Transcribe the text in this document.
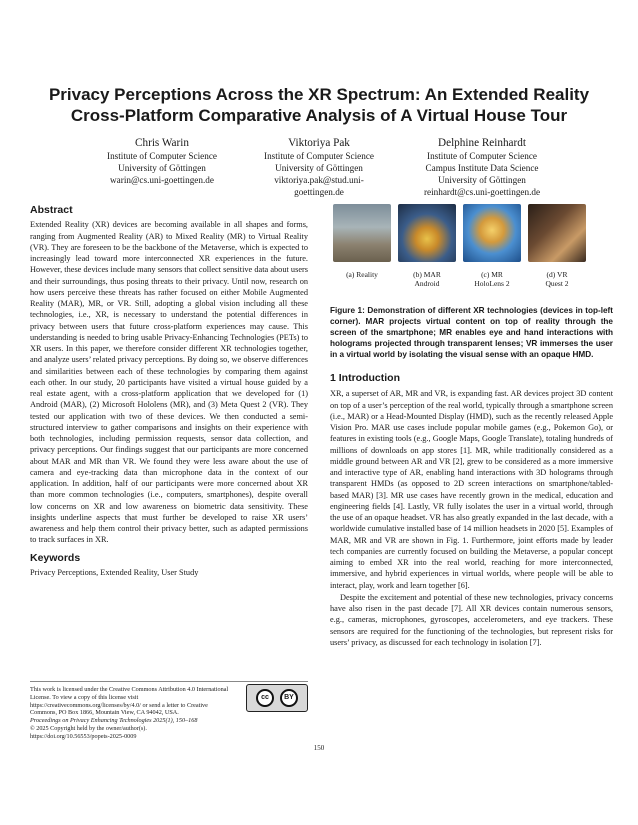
Privacy Perceptions Across the XR Spectrum: An Extended Reality
Cross-Platform Comparative Analysis of A Virtual House Tour
Chris Warin
Institute of Computer Science
University of Göttingen
warin@cs.uni-goettingen.de
Viktoriya Pak
Institute of Computer Science
University of Göttingen
viktoriya.pak@stud.uni-
goettingen.de
Delphine Reinhardt
Institute of Computer Science
Campus Institute Data Science
University of Göttingen
reinhardt@cs.uni-goettingen.de
Abstract

Extended Reality (XR) devices are becoming available in all shapes and forms, ranging from Augmented Reality (AR) to Mixed Reality (MR) to Virtual Reality (VR). They are foreseen to be the backbone of the Metaverse, which is expected to increasingly lead toward more interconnected XR experiences in the future. However, these devices include many sensors that collect sensitive data about users and their surroundings, thus posing threats to their privacy. Until now, research on how users perceive these threats has rather focused on either Mobile Augmented Reality (MAR), MR, or VR. Still, adopting a global vision including all these technologies, i.e., XR, is necessary to understand the potential differences in privacy between users that future cross-platform experiences may cause. This understanding is needed to bring usable Privacy-Enhancing Technologies (PETs) to XR users. In this paper, we therefore consider different XR technologies together, and analyze users’ related privacy perceptions. By doing so, we observe differences and similarities between each of these technologies by comparing them against each other. In our study, 20 participants have visited a virtual house guided by a real estate agent, with a cross-platform application that we developed for (1) Android (MAR), (2) Microsoft Hololens (MR), and (3) Meta Quest 2 (VR). They tested our application with two of these devices. We then conducted a semi-structured interview to gather comparisons and insights on their experience with both technologies, including permission requests, sensor data collection, and privacy perceptions. Our findings suggest that our participants are more concerned about MAR and MR than VR. We found they were less aware about the use of camera and eye-tracking data than microphone data in the context of our application. In addition, half of our participants were more concerned about XR than more common technologies (i.e., computers, smartphones), despite overall low concerns on XR and low awareness on biometric data sensitivity. These insights underline aspects that must further be developed to raise XR users’ awareness and help them control their privacy better, such as adapted permissions to track surfaces in XR.

Keywords

Privacy Perceptions, Extended Reality, User Study

(a) Reality	(b) MAR
Android
(c) MR
HoloLens 2
(d) VR
Quest 2
Figure 1: Demonstration of different XR technologies (devices in top-left corner). MAR projects virtual content on top of reality through the screen of the smartphone; MR enables eye and hand interactions with holograms projected through transparent lenses; VR immerses the user in a virtual world by isolating the visual sense with an opaque HMD.
1 Introduction

XR, a superset of AR, MR and VR, is expanding fast. AR devices project 3D content on top of a user’s perception of the real world, typically through a smartphone screen (i.e., MAR) or a Head-Mounted Display (HMD), such as the recently released Apple Vision Pro. MAR use cases include popular mobile games (e.g., Pokemon Go), or features in existing tools (e.g., Google Maps, Google Translate), totaling hundreds of millions of downloads on app stores [1]. MR, while traditionally considered as a middle ground between AR and VR [2], grew to be considered as a more immersive and interactive type of AR, enabling hand interactions with 3D holograms through transparent HMDs (as opposed to 2D screen interactions on smartphone/tabled-based MAR) [3]. MR use cases have recently grown in the medical, education and engineering fields [4]. Lastly, VR fully isolates the user in a virtual world, through the use of an opaque headset. VR has also greatly expanded in the last decade, with a worldwide cumulative installed base of 14 million headsets in 2020 [5]. Examples of MAR, MR and VR are shown in Fig. 1. Furthermore, joint efforts made by leader tech companies are currently focused on building the Metaverse, a popular concept aiming to embed XR into the real world, reaching for more interconnected, immersive, and hybrid experiences in virtual worlds, where people will be able to interact, play, work and learn together [6].

Despite the excitement and potential of these new technologies, privacy concerns have also risen in the past decade [7]. All XR devices contain numerous sensors, e.g., cameras, microphones, gyroscopes, accelerometers, and eye trackers. These sensors are required for the functioning of the technologies, but represent risks for users’ privacy, as discussed for each technology in isolation [7].

cc	BY
This work is licensed under the Creative Commons Attribution 4.0 International License. To view a copy of this license visit https://creativecommons.org/licenses/by/4.0/ or send a letter to Creative Commons, PO Box 1866, Mountain View, CA 94042, USA.
Proceedings on Privacy Enhancing Technologies 2025(1), 150–168
© 2025 Copyright held by the owner/author(s).
https://doi.org/10.56553/popets-2025-0009
150
